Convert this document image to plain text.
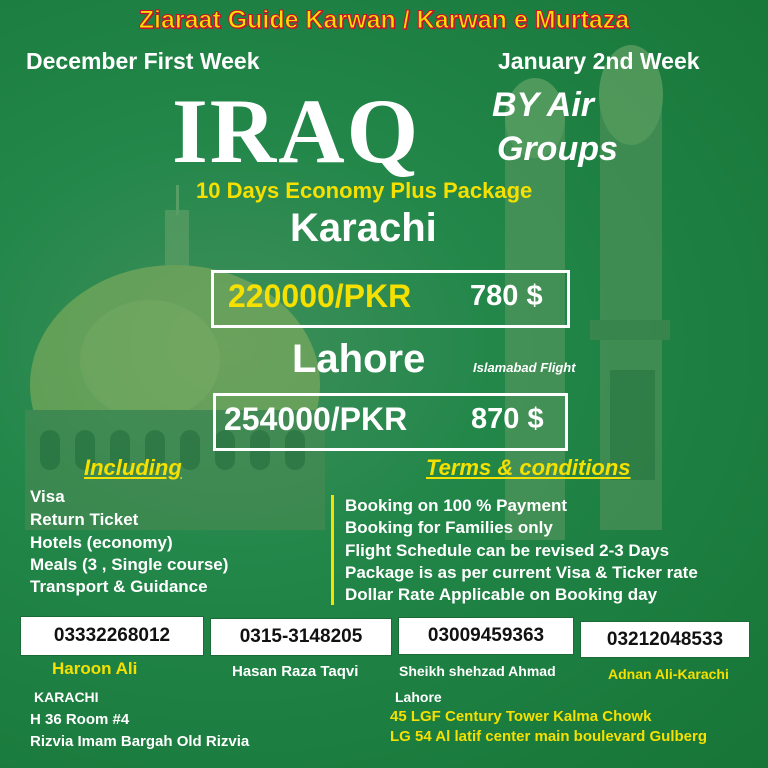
Ziaraat Guide Karwan / Karwan e Murtaza
December First Week	January 2nd Week
IRAQ BY Air
Groups
10 Days Economy Plus Package
Karachi
220000/PKR 780 $
Lahore	Islamabad Flight
254000/PKR 870 $
Including
Visa
Return Ticket
Hotels (economy)
Meals (3 , Single course)
Transport & Guidance
Terms & conditions
Booking on 100 % Payment
Booking for Families only
Flight Schedule can be revised 2-3 Days
Package is as per current Visa & Ticker rate
Dollar Rate Applicable on Booking day
03332268012	0315-3148205	03009459363	03212048533
Haroon Ali	Hasan Raza Taqvi	Sheikh shehzad Ahmad	Adnan Ali-Karachi
KARACHI
H 36 Room #4
Rizvia Imam Bargah Old Rizvia
Lahore
45 LGF Century Tower Kalma Chowk
LG 54 Al latif center main boulevard Gulberg
